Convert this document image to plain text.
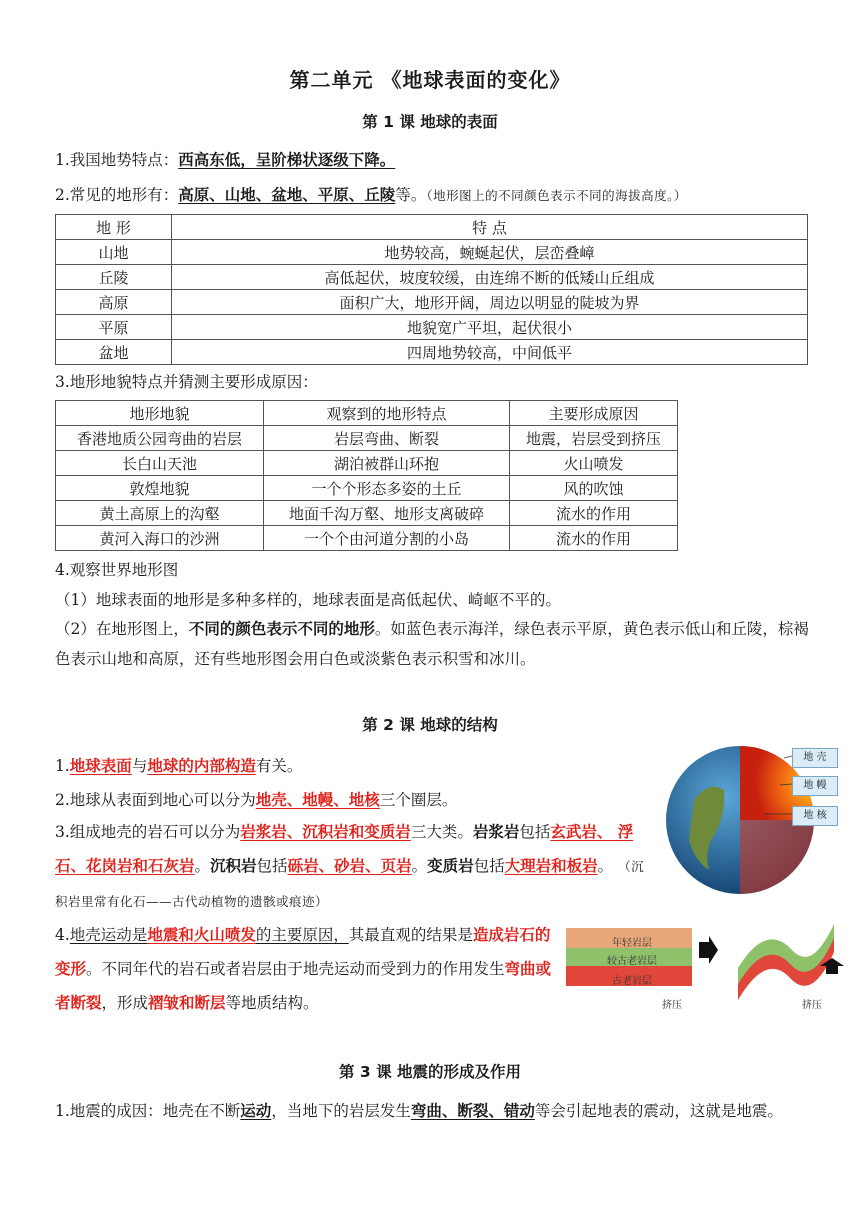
第二单元 《地球表面的变化》
第 1 课 地球的表面
1.我国地势特点：西高东低，呈阶梯状逐级下降。
2.常见的地形有：高原、山地、盆地、平原、丘陵等。（地形图上的不同颜色表示不同的海拔高度。）
地 形	特 点
山地	地势较高，蜿蜒起伏，层峦叠嶂
丘陵	高低起伏，坡度较缓，由连绵不断的低矮山丘组成
高原	面积广大，地形开阔，周边以明显的陡坡为界
平原	地貌宽广平坦，起伏很小
盆地	四周地势较高，中间低平
3.地形地貌特点并猜测主要形成原因：
地形地貌	观察到的地形特点	主要形成原因
香港地质公园弯曲的岩层	岩层弯曲、断裂	地震，岩层受到挤压
长白山天池	湖泊被群山环抱	火山喷发
敦煌地貌	一个个形态多姿的土丘	风的吹蚀
黄土高原上的沟壑	地面千沟万壑、地形支离破碎	流水的作用
黄河入海口的沙洲	一个个由河道分割的小岛	流水的作用
4.观察世界地形图
（1）地球表面的地形是多种多样的，地球表面是高低起伏、崎岖不平的。
（2）在地形图上，不同的颜色表示不同的地形。如蓝色表示海洋，绿色表示平原，黄色表示低山和丘陵，棕褐色表示山地和高原，还有些地形图会用白色或淡紫色表示积雪和冰川。
第 2 课 地球的结构
1.地球表面与地球的内部构造有关。
2.地球从表面到地心可以分为地壳、地幔、地核三个圈层。
3.组成地壳的岩石可以分为岩浆岩、沉积岩和变质岩三大类。岩浆岩包括玄武岩、 浮石、花岗岩和石灰岩。沉积岩包括砾岩、砂岩、页岩。变质岩包括大理岩和板岩。 （沉积岩里常有化石——古代动植物的遗骸或痕迹）
4.地壳运动是地震和火山喷发的主要原因，其最直观的结果是造成岩石的变形。不同年代的岩石或者岩层由于地壳运动而受到力的作用发生弯曲或者断裂，形成褶皱和断层等地质结构。
地 壳
地 幔
地 核
年轻岩层
较古老岩层
古老岩层
挤压	挤压
第 3 课 地震的形成及作用
1.地震的成因：地壳在不断运动，当地下的岩层发生弯曲、断裂、错动等会引起地表的震动，这就是地震。
